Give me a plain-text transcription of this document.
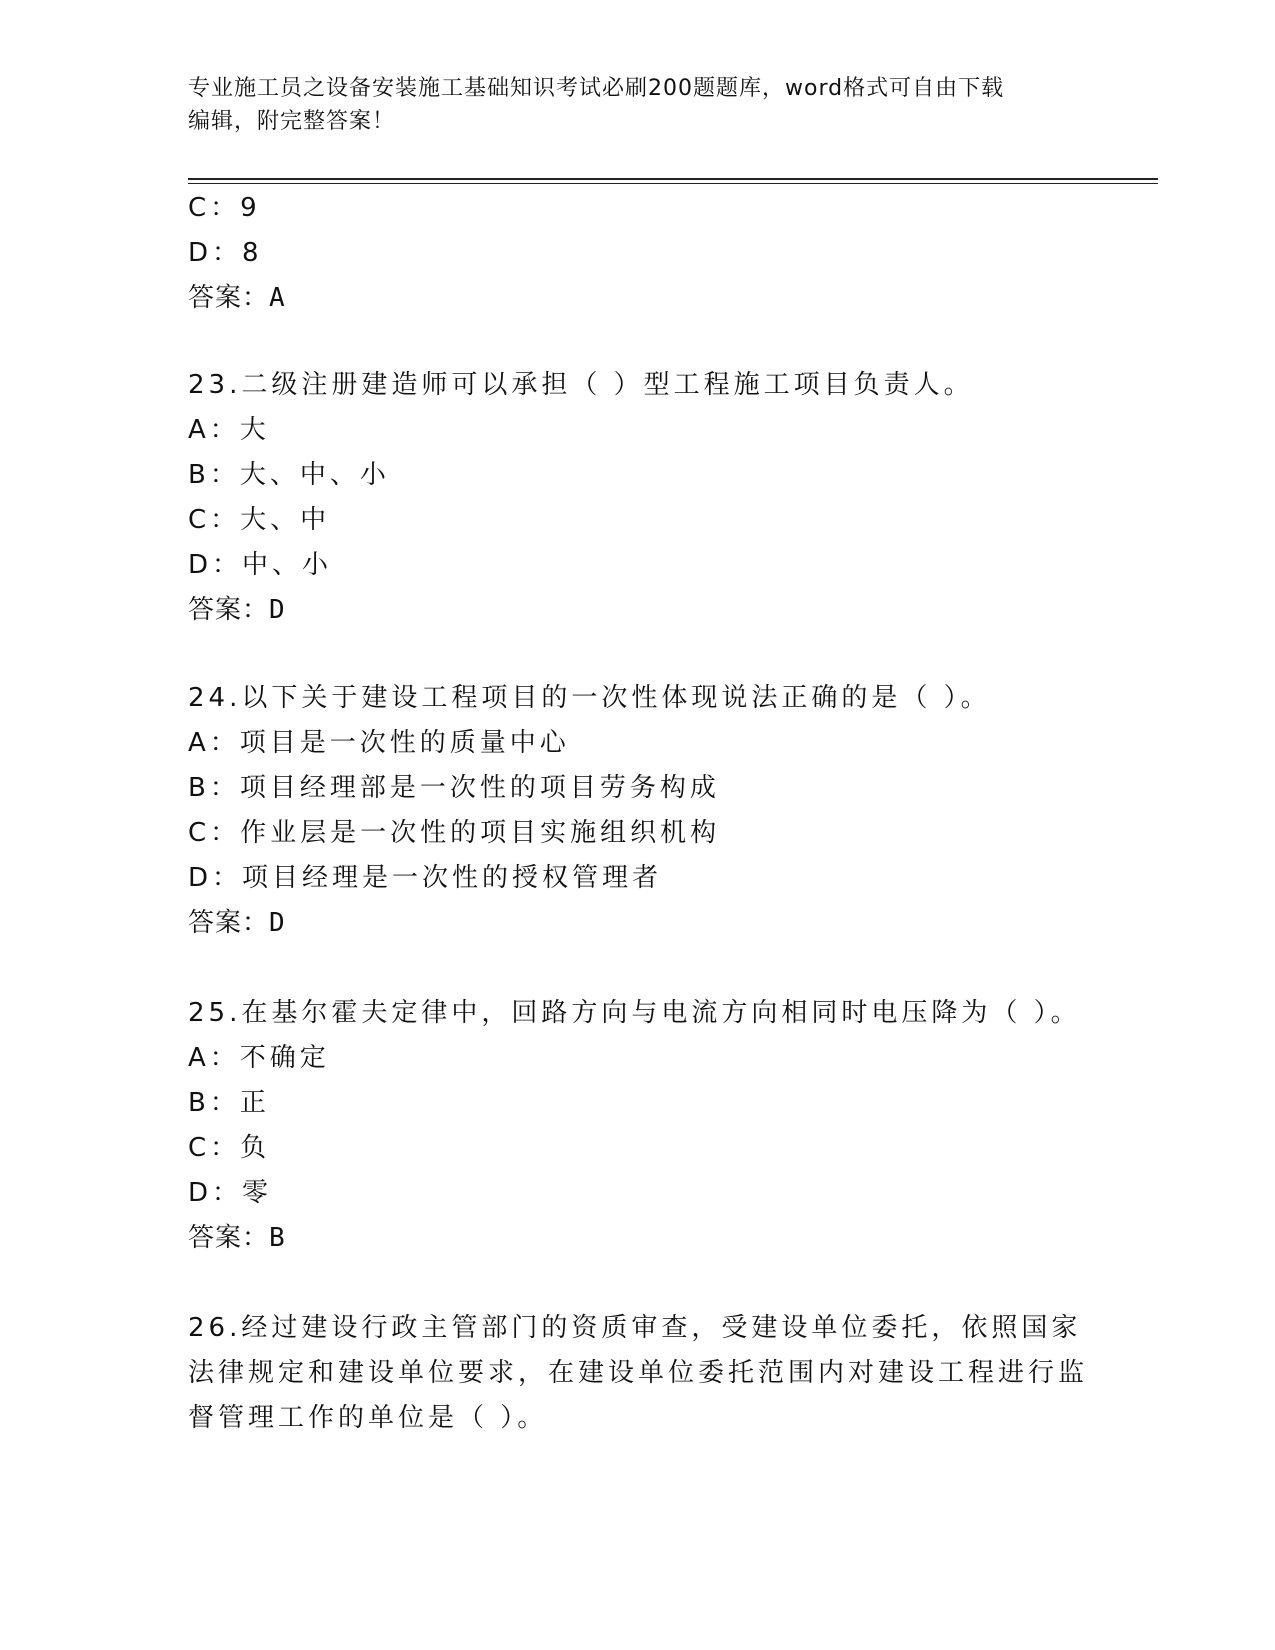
专业施工员之设备安装施工基础知识考试必刷200题题库，word格式可自由下载

编辑，附完整答案！
C：9
D：8
答案：A
23.二级注册建造师可以承担（ ）型工程施工项目负责人。
A：大
B：大、中、小
C：大、中
D：中、小
答案：D
24.以下关于建设工程项目的一次性体现说法正确的是（ ）。
A：项目是一次性的质量中心
B：项目经理部是一次性的项目劳务构成
C：作业层是一次性的项目实施组织机构
D：项目经理是一次性的授权管理者
答案：D
25.在基尔霍夫定律中，回路方向与电流方向相同时电压降为（ ）。
A：不确定
B：正
C：负
D：零
答案：B
26.经过建设行政主管部门的资质审查，受建设单位委托，依照国家法律规定和建设单位要求，在建设单位委托范围内对建设工程进行监督管理工作的单位是（ ）。
